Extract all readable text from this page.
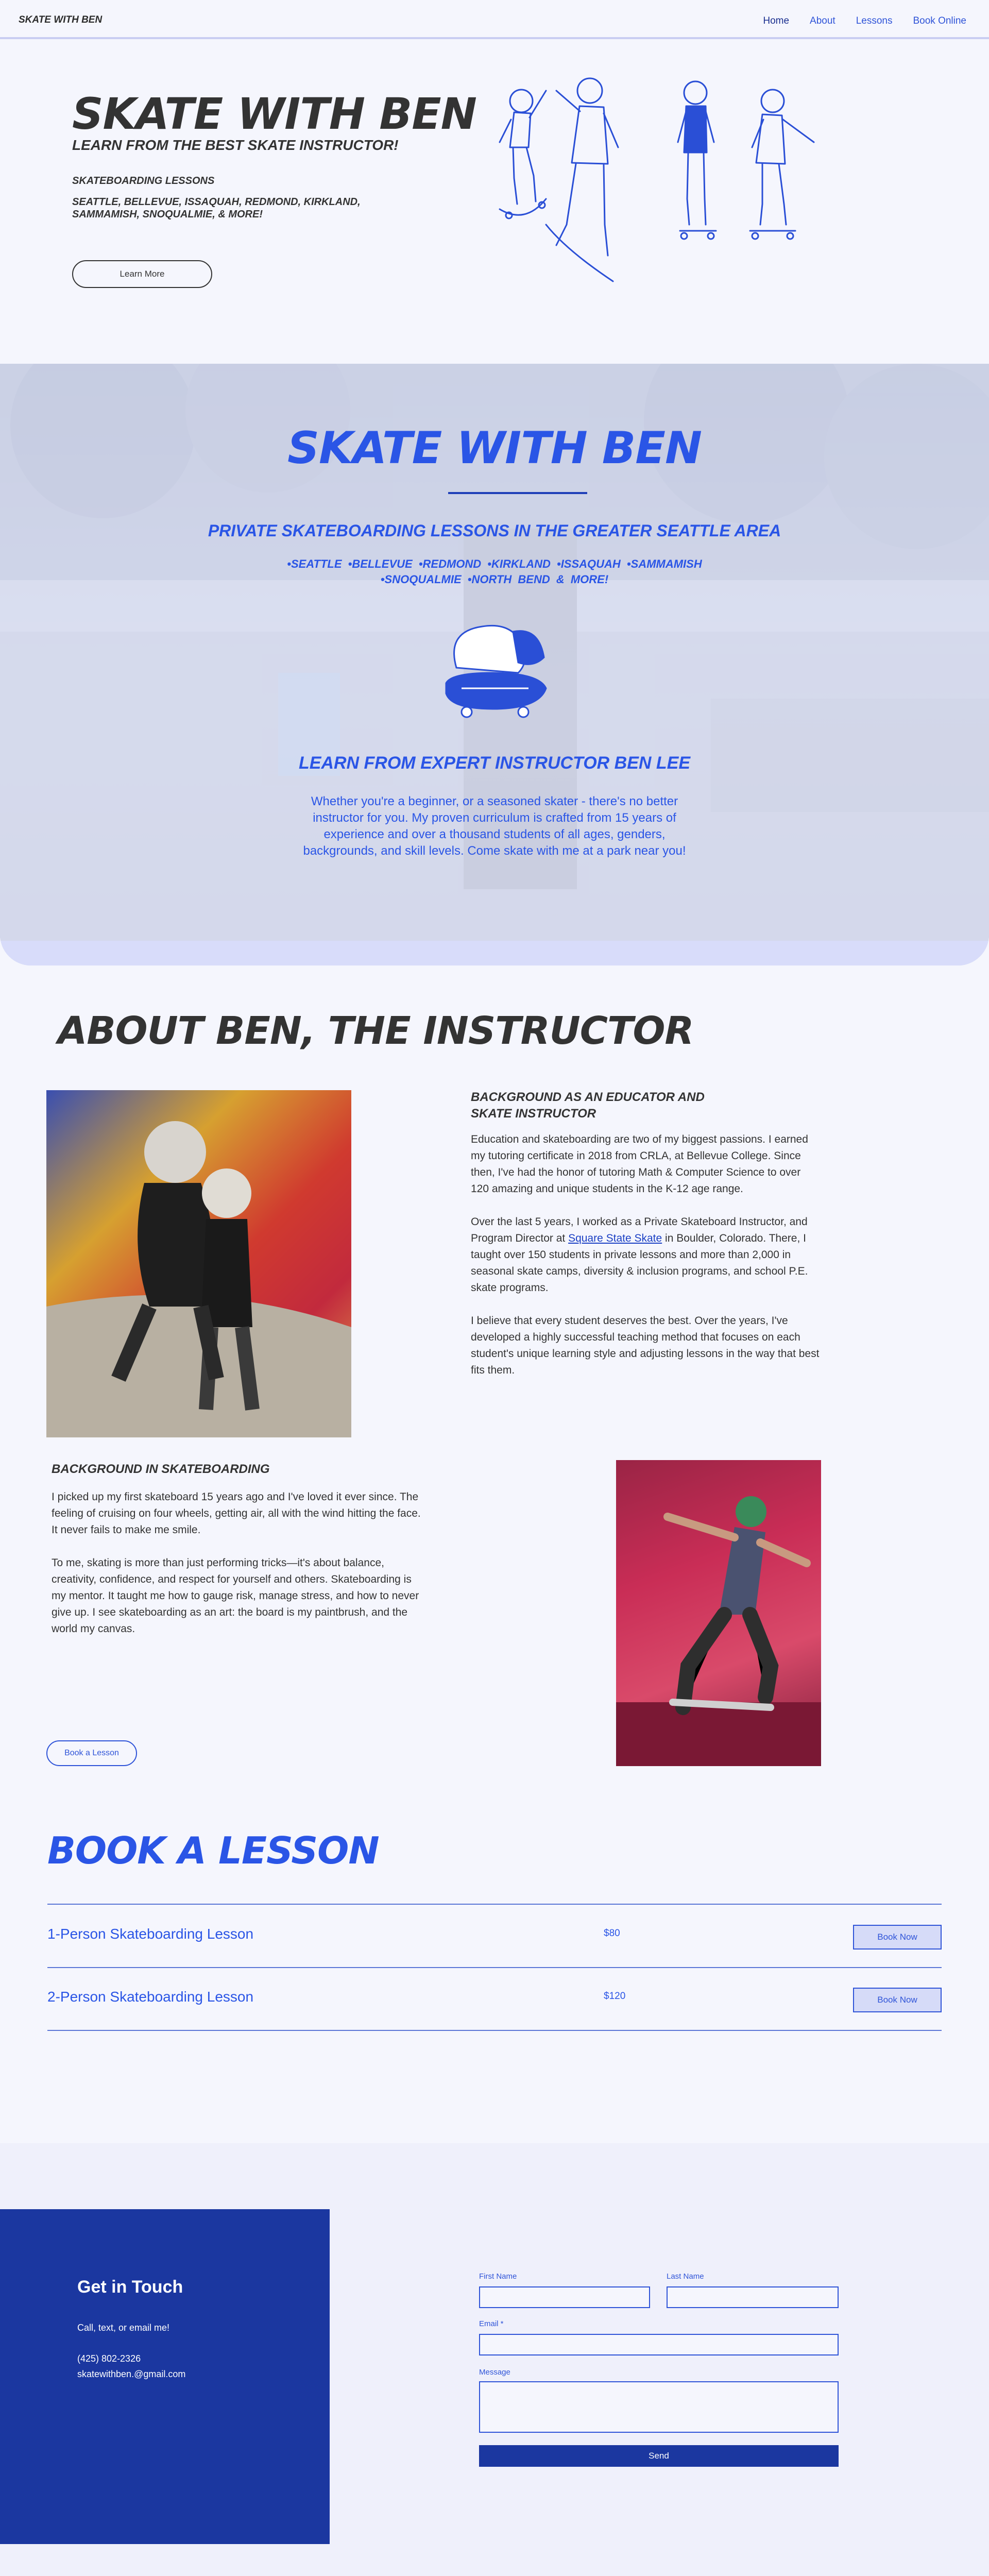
SKATE WITH BEN	Home About Lessons Book Online
SKATE WITH BEN
LEARN FROM THE BEST SKATE INSTRUCTOR!
SKATEBOARDING LESSONS
SEATTLE, BELLEVUE, ISSAQUAH, REDMOND, KIRKLAND, SAMMAMISH, SNOQUALMIE, & MORE!
Learn More
SKATE WITH BEN
PRIVATE SKATEBOARDING LESSONS IN THE GREATER SEATTLE AREA
•SEATTLE •BELLEVUE •REDMOND •KIRKLAND •ISSAQUAH •SAMMAMISH
•SNOQUALMIE •NORTH BEND & MORE!
LEARN FROM EXPERT INSTRUCTOR BEN LEE
Whether you're a beginner, or a seasoned skater - there's no better instructor for you. My proven curriculum is crafted from 15 years of experience and over a thousand students of all ages, genders, backgrounds, and skill levels. Come skate with me at a park near you!
ABOUT BEN, THE INSTRUCTOR
BACKGROUND AS AN EDUCATOR AND SKATE INSTRUCTOR

Education and skateboarding are two of my biggest passions. I earned my tutoring certificate in 2018 from CRLA, at Bellevue College. Since then, I've had the honor of tutoring Math & Computer Science to over 120 amazing and unique students in the K-12 age range.

Over the last 5 years, I worked as a Private Skateboard Instructor, and Program Director at Square State Skate in Boulder, Colorado. There, I taught over 150 students in private lessons and more than 2,000 in seasonal skate camps, diversity & inclusion programs, and school P.E. skate programs.

I believe that every student deserves the best. Over the years, I've developed a highly successful teaching method that focuses on each student's unique learning style and adjusting lessons in the way that best fits them.

BACKGROUND IN SKATEBOARDING

I picked up my first skateboard 15 years ago and I've loved it ever since. The feeling of cruising on four wheels, getting air, all with the wind hitting the face. It never fails to make me smile.

To me, skating is more than just performing tricks—it's about balance, creativity, confidence, and respect for yourself and others. Skateboarding is my mentor. It taught me how to gauge risk, manage stress, and how to never give up. I see skateboarding as an art: the board is my paintbrush, and the world my canvas.

Book a Lesson
BOOK A LESSON
1-Person Skateboarding Lesson	$80	Book Now
2-Person Skateboarding Lesson	$120	Book Now
Get in Touch
Call, text, or email me!
(425) 802-2326
skatewithben.@gmail.com
First Name	Last Name
Email *
Message
Send
